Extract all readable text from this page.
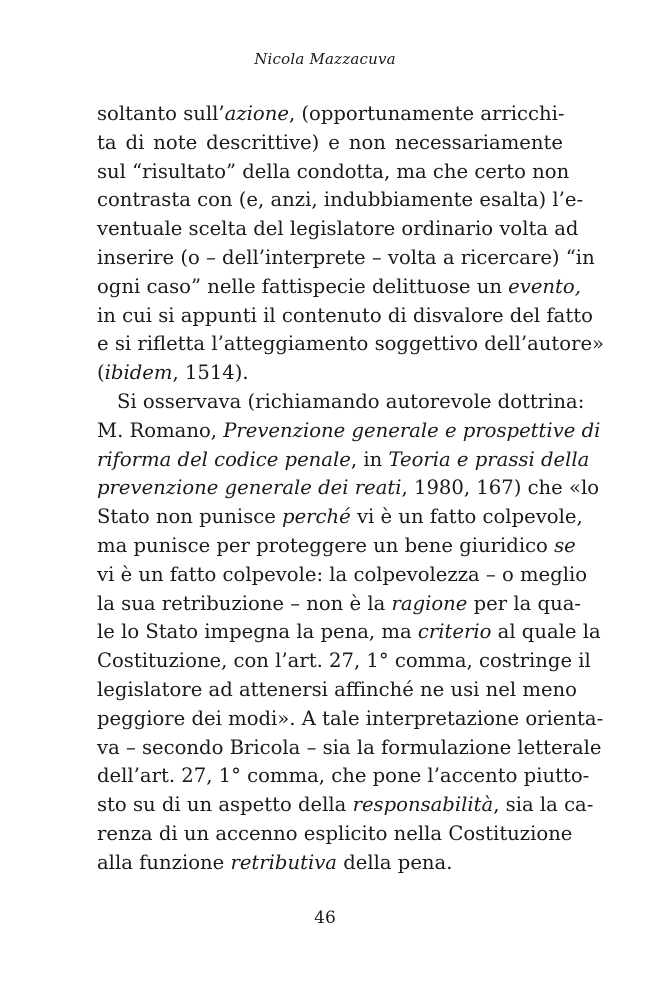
Nicola Mazzacuva
soltanto sull’azione, (opportunamente arricchi-
ta di note descrittive) e non necessariamente
sul “risultato” della condotta, ma che certo non
contrasta con (e, anzi, indubbiamente esalta) l’e-
ventuale scelta del legislatore ordinario volta ad
inserire (o – dell’interprete – volta a ricercare) “in
ogni caso” nelle fattispecie delittuose un evento,
in cui si appunti il contenuto di disvalore del fatto
e si rifletta l’atteggiamento soggettivo dell’autore»
(ibidem, 1514).
Si osservava (richiamando autorevole dottrina:
M. Romano, Prevenzione generale e prospettive di
riforma del codice penale, in Teoria e prassi della
prevenzione generale dei reati, 1980, 167) che «lo
Stato non punisce perché vi è un fatto colpevole,
ma punisce per proteggere un bene giuridico se
vi è un fatto colpevole: la colpevolezza – o meglio
la sua retribuzione – non è la ragione per la qua-
le lo Stato impegna la pena, ma criterio al quale la
Costituzione, con l’art. 27, 1° comma, costringe il
legislatore ad attenersi affinché ne usi nel meno
peggiore dei modi». A tale interpretazione orienta-
va – secondo Bricola – sia la formulazione letterale
dell’art. 27, 1° comma, che pone l’accento piutto-
sto su di un aspetto della responsabilità, sia la ca-
renza di un accenno esplicito nella Costituzione
alla funzione retributiva della pena.
46
